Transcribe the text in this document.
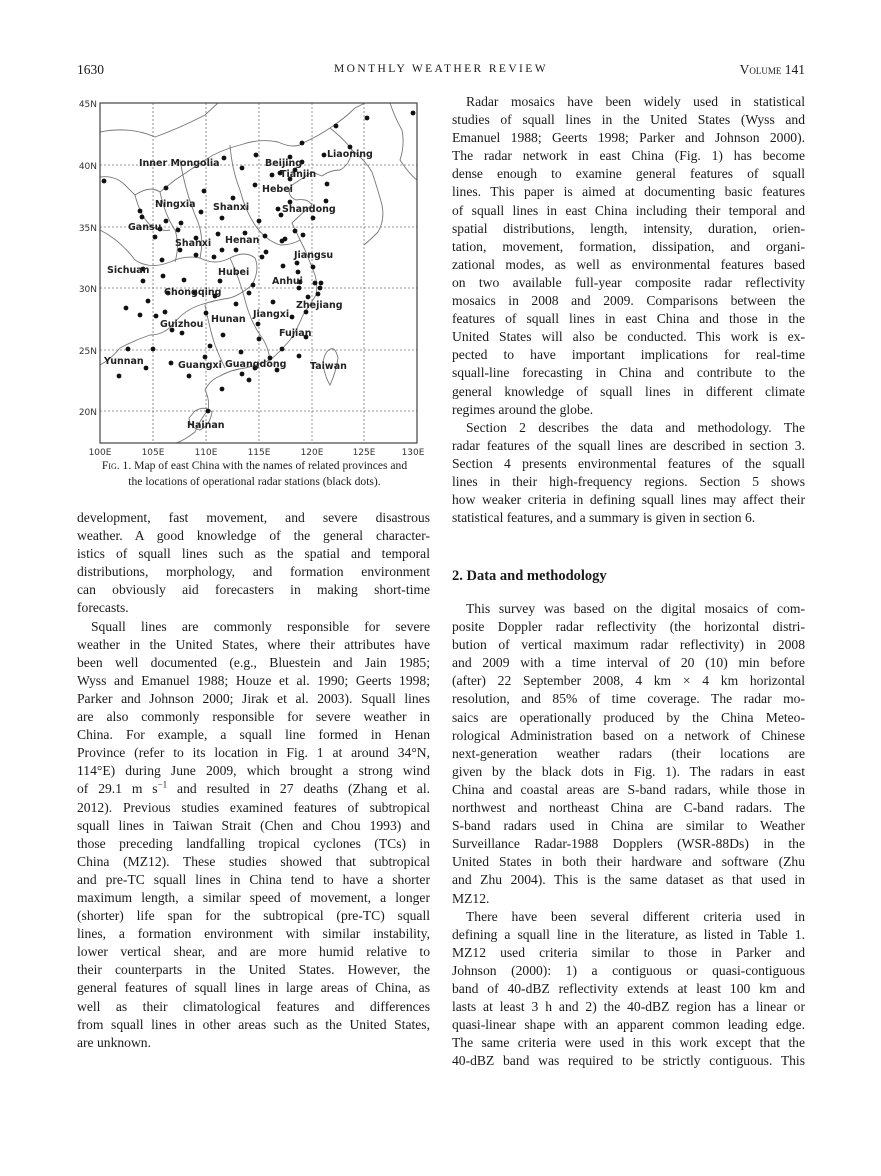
1630	MONTHLY WEATHER REVIEW	Volume 141
45N
40N
35N
30N
25N
20N
100E	105E	110E	115E	120E	125E	130E
Inner Mongolia	Beijing
Tianjin
Liaoning
Hebei
Ningxia Shanxi	Shandong
Gansu
Shanxi Henan
Jiangsu
Sichuan	Hubei
Anhui
Chongqing
Zhejiang
Jiangxi
Hunan
Guizhou
Fujian
Yunnan	Guangxi Guangdong Taiwan
Hainan
Fig. 1. Map of east China with the names of related provinces and
the locations of operational radar stations (black dots).

development, fast movement, and severe disastrous
weather. A good knowledge of the general character-
istics of squall lines such as the spatial and temporal
distributions, morphology, and formation environment
can obviously aid forecasters in making short-time
forecasts.

Squall lines are commonly responsible for severe
weather in the United States, where their attributes have
been well documented (e.g., Bluestein and Jain 1985;
Wyss and Emanuel 1988; Houze et al. 1990; Geerts 1998;
Parker and Johnson 2000; Jirak et al. 2003). Squall lines
are also commonly responsible for severe weather in
China. For example, a squall line formed in Henan
Province (refer to its location in Fig. 1 at around 34°N,
114°E) during June 2009, which brought a strong wind
of 29.1 m $s^{-1}$ and resulted in 27 deaths (Zhang et al.
2012). Previous studies examined features of subtropical
squall lines in Taiwan Strait (Chen and Chou 1993) and
those preceding landfalling tropical cyclones (TCs) in
China (MZ12). These studies showed that subtropical
and pre-TC squall lines in China tend to have a shorter
maximum length, a similar speed of movement, a longer
(shorter) life span for the subtropical (pre-TC) squall
lines, a formation environment with similar instability,
lower vertical shear, and are more humid relative to
their counterparts in the United States. However, the
general features of squall lines in large areas of China, as
well as their climatological features and differences
from squall lines in other areas such as the United States,
are unknown.

Radar mosaics have been widely used in statistical
studies of squall lines in the United States (Wyss and
Emanuel 1988; Geerts 1998; Parker and Johnson 2000).
The radar network in east China (Fig. 1) has become
dense enough to examine general features of squall
lines. This paper is aimed at documenting basic features
of squall lines in east China including their temporal and
spatial distributions, length, intensity, duration, orien-
tation, movement, formation, dissipation, and organi-
zational modes, as well as environmental features based
on two available full-year composite radar reflectivity
mosaics in 2008 and 2009. Comparisons between the
features of squall lines in east China and those in the
United States will also be conducted. This work is ex-
pected to have important implications for real-time
squall-line forecasting in China and contribute to the
general knowledge of squall lines in different climate
regimes around the globe.

Section 2 describes the data and methodology. The
radar features of the squall lines are described in section 3.
Section 4 presents environmental features of the squall
lines in their high-frequency regions. Section 5 shows
how weaker criteria in defining squall lines may affect their
statistical features, and a summary is given in section 6.

2. Data and methodology

This survey was based on the digital mosaics of com-
posite Doppler radar reflectivity (the horizontal distri-
bution of vertical maximum radar reflectivity) in 2008
and 2009 with a time interval of 20 (10) min before
(after) 22 September 2008, 4 km × 4 km horizontal
resolution, and 85% of time coverage. The radar mo-
saics are operationally produced by the China Meteo-
rological Administration based on a network of Chinese
next-generation weather radars (their locations are
given by the black dots in Fig. 1). The radars in east
China and coastal areas are S-band radars, while those in
northwest and northeast China are C-band radars. The
S-band radars used in China are similar to Weather
Surveillance Radar-1988 Dopplers (WSR-88Ds) in the
United States in both their hardware and software (Zhu
and Zhu 2004). This is the same dataset as that used in
MZ12.

There have been several different criteria used in
defining a squall line in the literature, as listed in Table 1.
MZ12 used criteria similar to those in Parker and
Johnson (2000): 1) a contiguous or quasi-contiguous
band of 40-dBZ reflectivity extends at least 100 km and
lasts at least 3 h and 2) the 40-dBZ region has a linear or
quasi-linear shape with an apparent common leading edge.
The same criteria were used in this work except that the
40-dBZ band was required to be strictly contiguous. This
